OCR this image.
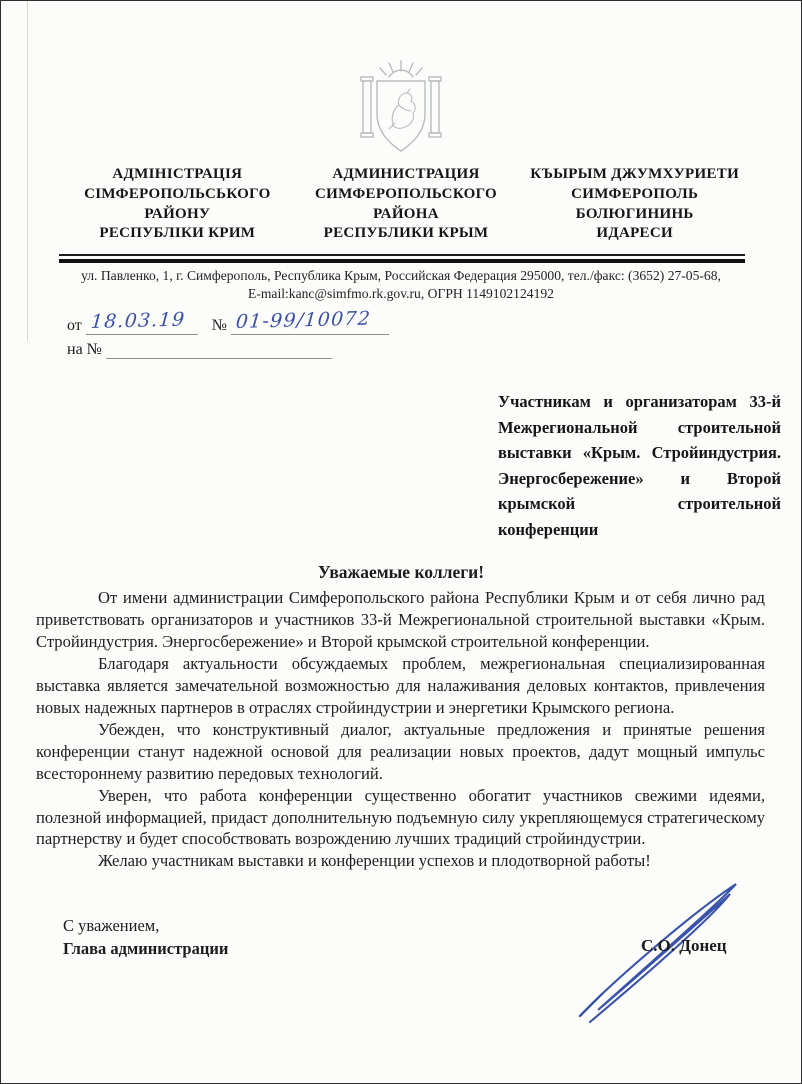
АДМІНІСТРАЦІЯ
СІМФЕРОПОЛЬСЬКОГО
РАЙОНУ
РЕСПУБЛІКИ КРИМ
АДМИНИСТРАЦИЯ
СИМФЕРОПОЛЬСКОГО
РАЙОНА
РЕСПУБЛИКИ КРЫМ
КЪЫРЫМ ДЖУМХУРИЕТИ
СИМФЕРОПОЛЬ
БОЛЮГИНИНЬ
ИДАРЕСИ
ул. Павленко, 1, г. Симферополь, Республика Крым, Российская Федерация 295000, тел./факс: (3652) 27-05-68,
E-mail:kanc@simfmo.rk.gov.ru, ОГРН 1149102124192
от 18.03.19 № 01-99/10072
на №
Участникам и организаторам 33-й Межрегиональной строительной выставки «Крым. Стройиндустрия. Энергосбережение» и Второй крымской строительной конференции
Уважаемые коллеги!

От имени администрации Симферопольского района Республики Крым и от себя лично рад приветствовать организаторов и участников 33-й Межрегиональной строительной выставки «Крым. Стройиндустрия. Энергосбережение» и Второй крымской строительной конференции.

Благодаря актуальности обсуждаемых проблем, межрегиональная специализированная выставка является замечательной возможностью для налаживания деловых контактов, привлечения новых надежных партнеров в отраслях стройиндустрии и энергетики Крымского региона.

Убежден, что конструктивный диалог, актуальные предложения и принятые решения конференции станут надежной основой для реализации новых проектов, дадут мощный импульс всестороннему развитию передовых технологий.

Уверен, что работа конференции существенно обогатит участников свежими идеями, полезной информацией, придаст дополнительную подъемную силу укрепляющемуся стратегическому партнерству и будет способствовать возрождению лучших традиций стройиндустрии.

Желаю участникам выставки и конференции успехов и плодотворной работы!

С уважением,
Глава администрации	С.О. Донец
